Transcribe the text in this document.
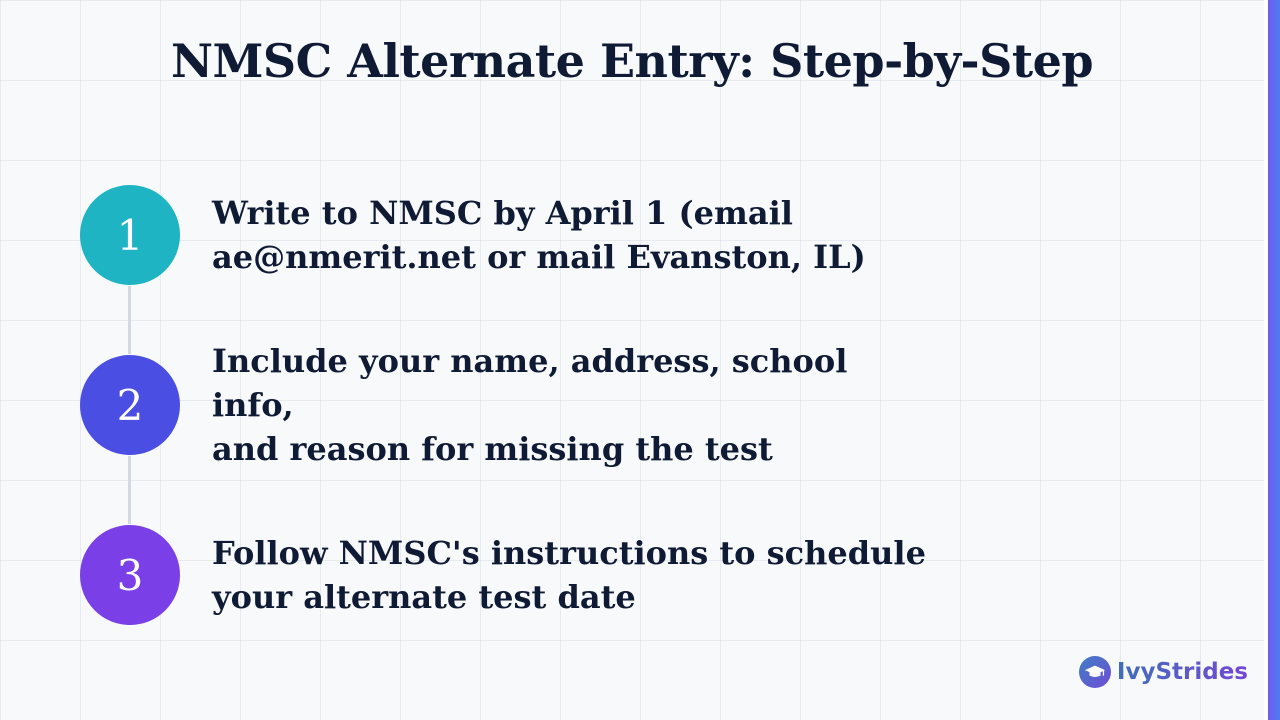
NMSC Alternate Entry: Step-by-Step
1	Write to NMSC by April 1 (email
ae@nmerit.net or mail Evanston, IL)
2
Include your name, address, school info,
and reason for missing the test
3	Follow NMSC's instructions to schedule
your alternate test date
IvyStrides
